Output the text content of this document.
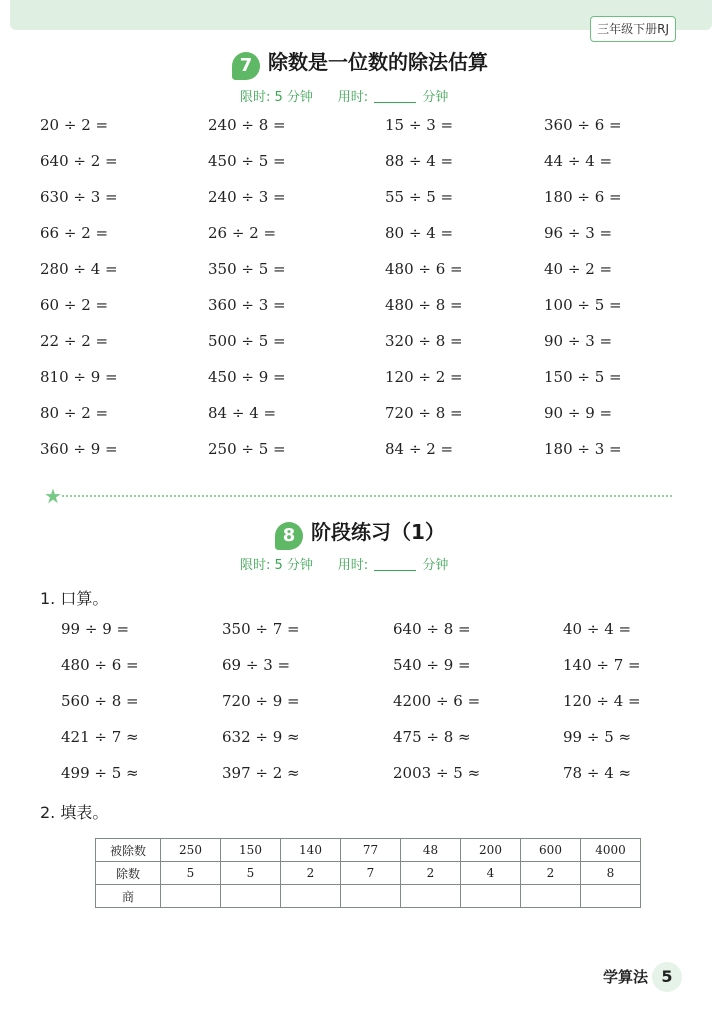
三年级下册RJ
7 除数是一位数的除法估算
限时: 5 分钟 用时:	分钟
20 ÷ 2 =	240 ÷ 8 =	15 ÷ 3 =	360 ÷ 6 =
640 ÷ 2 =	450 ÷ 5 =	88 ÷ 4 =	44 ÷ 4 =
630 ÷ 3 =	240 ÷ 3 =	55 ÷ 5 =	180 ÷ 6 =
66 ÷ 2 =	26 ÷ 2 =	80 ÷ 4 =	96 ÷ 3 =
280 ÷ 4 =	350 ÷ 5 =	480 ÷ 6 =	40 ÷ 2 =
60 ÷ 2 =	360 ÷ 3 =	480 ÷ 8 =	100 ÷ 5 =
22 ÷ 2 =	500 ÷ 5 =	320 ÷ 8 =	90 ÷ 3 =
810 ÷ 9 =	450 ÷ 9 =	120 ÷ 2 =	150 ÷ 5 =
80 ÷ 2 =	84 ÷ 4 =	720 ÷ 8 =	90 ÷ 9 =
360 ÷ 9 =	250 ÷ 5 =	84 ÷ 2 =	180 ÷ 3 =
★
8 阶段练习（1）
限时: 5 分钟 用时:	分钟
1. 口算。
99 ÷ 9 =	350 ÷ 7 =	640 ÷ 8 =	40 ÷ 4 =
480 ÷ 6 =	69 ÷ 3 =	540 ÷ 9 =	140 ÷ 7 =
560 ÷ 8 =	720 ÷ 9 =	4200 ÷ 6 =	120 ÷ 4 =
421 ÷ 7 ≈	632 ÷ 9 ≈	475 ÷ 8 ≈	99 ÷ 5 ≈
499 ÷ 5 ≈	397 ÷ 2 ≈	2003 ÷ 5 ≈	78 ÷ 4 ≈
2. 填表。
被除数	250	150	140	77	48	200	600	4000
除数	5	5	2	7	2	4	2	8
商								
学算法 5
